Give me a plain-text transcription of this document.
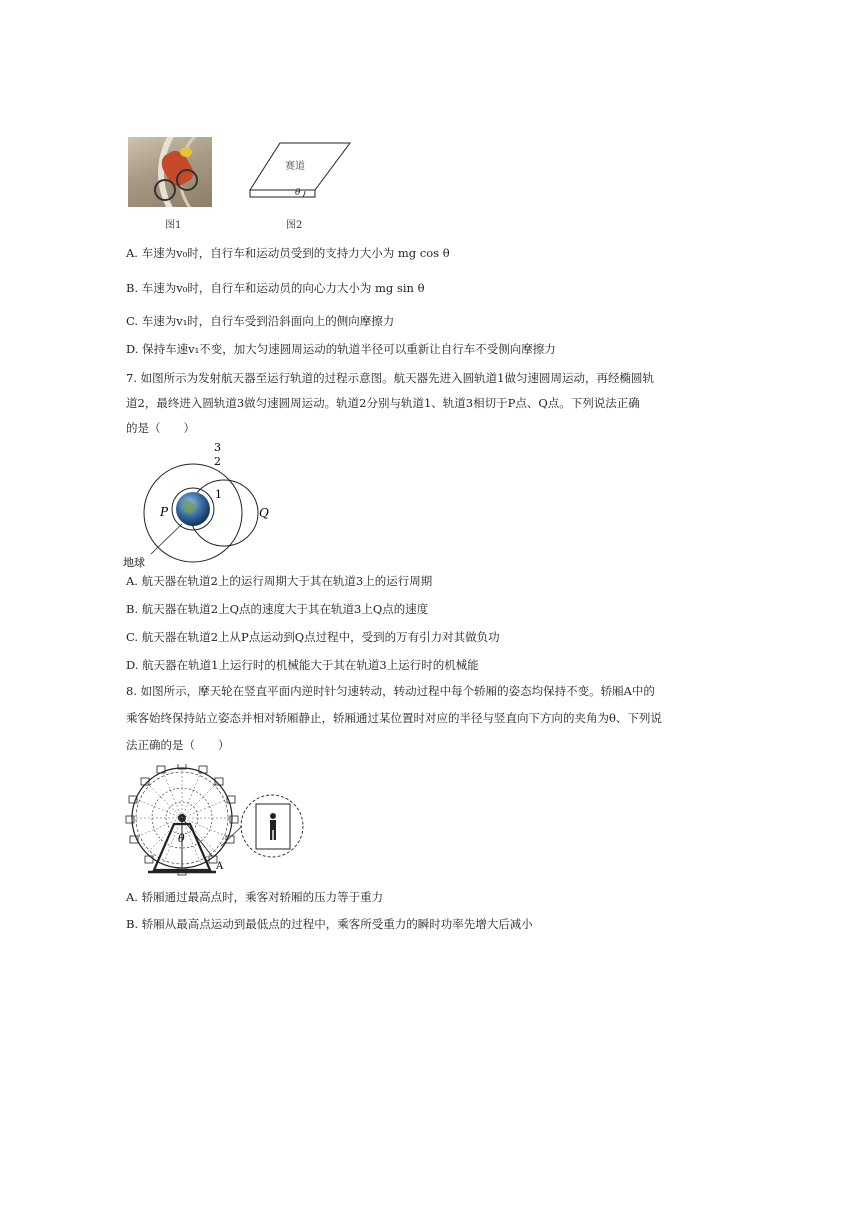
图1
赛道
θ
图2
A. 车速为v₀时，自行车和运动员受到的支持力大小为 mg cos θ
B. 车速为v₀时，自行车和运动员的向心力大小为 mg sin θ
C. 车速为v₁时，自行车受到沿斜面向上的侧向摩擦力
D. 保持车速v₁不变，加大匀速圆周运动的轨道半径可以重新让自行车不受侧向摩擦力
7. 如图所示为发射航天器至运行轨道的过程示意图。航天器先进入圆轨道1做匀速圆周运动，再经椭圆轨
道2，最终进入圆轨道3做匀速圆周运动。轨道2分别与轨道1、轨道3相切于P点、Q点。下列说法正确
的是（　　）
3
2
1
P	Q
地球
A. 航天器在轨道2上的运行周期大于其在轨道3上的运行周期
B. 航天器在轨道2上Q点的速度大于其在轨道3上Q点的速度
C. 航天器在轨道2上从P点运动到Q点过程中，受到的万有引力对其做负功
D. 航天器在轨道1上运行时的机械能大于其在轨道3上运行时的机械能
8. 如图所示，摩天轮在竖直平面内逆时针匀速转动，转动过程中每个轿厢的姿态均保持不变。轿厢A中的
乘客始终保持站立姿态并相对轿厢静止，轿厢通过某位置时对应的半径与竖直向下方向的夹角为θ、下列说
法正确的是（　　）
θ
A
A. 轿厢通过最高点时，乘客对轿厢的压力等于重力
B. 轿厢从最高点运动到最低点的过程中，乘客所受重力的瞬时功率先增大后减小
